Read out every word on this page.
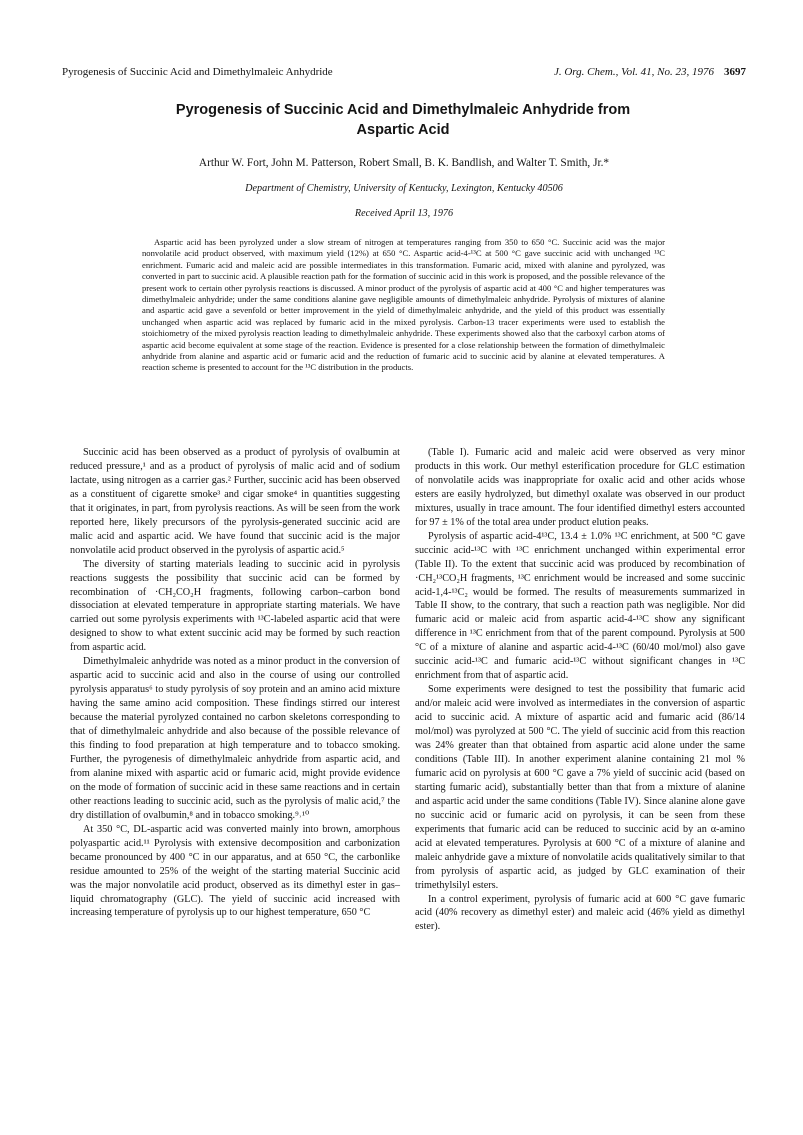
Pyrogenesis of Succinic Acid and Dimethylmaleic Anhydride	J. Org. Chem., Vol. 41, No. 23, 1976 3697
Pyrogenesis of Succinic Acid and Dimethylmaleic Anhydride from
Aspartic Acid
Arthur W. Fort, John M. Patterson, Robert Small, B. K. Bandlish, and Walter T. Smith, Jr.*
Department of Chemistry, University of Kentucky, Lexington, Kentucky 40506
Received April 13, 1976

Aspartic acid has been pyrolyzed under a slow stream of nitrogen at temperatures ranging from 350 to 650 °C. Succinic acid was the major nonvolatile acid product observed, with maximum yield (12%) at 650 °C. Aspartic acid-4-¹³C at 500 °C gave succinic acid with unchanged ¹³C enrichment. Fumaric acid and maleic acid are possible intermediates in this transformation. Fumaric acid, mixed with alanine and pyrolyzed, was converted in part to succinic acid. A plausible reaction path for the formation of succinic acid in this work is proposed, and the possible relevance of the present work to certain other pyrolysis reactions is discussed. A minor product of the pyrolysis of aspartic acid at 400 °C and higher temperatures was dimethylmaleic anhydride; under the same conditions alanine gave negligible amounts of dimethylmaleic anhydride. Pyrolysis of mixtures of alanine and aspartic acid gave a sevenfold or better improvement in the yield of dimethylmaleic anhydride, and the yield of this product was essentially unchanged when aspartic acid was replaced by fumaric acid in the mixed pyrolysis. Carbon-13 tracer experiments were used to establish the stoichiometry of the mixed pyrolysis reaction leading to dimethylmaleic anhydride. These experiments showed also that the carboxyl carbon atoms of aspartic acid become equivalent at some stage of the reaction. Evidence is presented for a close relationship between the formation of dimethylmaleic anhydride from alanine and aspartic acid or fumaric acid and the reduction of fumaric acid to succinic acid by alanine at elevated temperatures. A reaction scheme is presented to account for the ¹³C distribution in the products.

Succinic acid has been observed as a product of pyrolysis of ovalbumin at reduced pressure,¹ and as a product of pyrolysis of malic acid and of sodium lactate, using nitrogen as a carrier gas.² Further, succinic acid has been observed as a constituent of cigarette smoke³ and cigar smoke⁴ in quantities suggesting that it originates, in part, from pyrolysis reactions. As will be seen from the work reported here, likely precursors of the pyrolysis-generated succinic acid are malic acid and aspartic acid. We have found that succinic acid is the major nonvolatile acid product observed in the pyrolysis of aspartic acid.⁵

The diversity of starting materials leading to succinic acid in pyrolysis reactions suggests the possibility that succinic acid can be formed by recombination of ·CH₂CO₂H fragments, following carbon–carbon bond dissociation at elevated temperature in appropriate starting materials. We have carried out some pyrolysis experiments with ¹³C-labeled aspartic acid that were designed to show to what extent succinic acid may be formed by such reaction from aspartic acid.

Dimethylmaleic anhydride was noted as a minor product in the conversion of aspartic acid to succinic acid and also in the course of using our controlled pyrolysis apparatus⁶ to study pyrolysis of soy protein and an amino acid mixture having the same amino acid composition. These findings stirred our interest because the material pyrolyzed contained no carbon skeletons corresponding to that of dimethylmaleic anhydride and also because of the possible relevance of this finding to food preparation at high temperature and to tobacco smoking. Further, the pyrogenesis of dimethylmaleic anhydride from aspartic acid, and from alanine mixed with aspartic acid or fumaric acid, might provide evidence on the mode of formation of succinic acid in these same reactions and in certain other reactions leading to succinic acid, such as the pyrolysis of malic acid,⁷ the dry distillation of ovalbumin,⁸ and in tobacco smoking.⁹˒¹⁰

At 350 °C, DL-aspartic acid was converted mainly into brown, amorphous polyaspartic acid.¹¹ Pyrolysis with extensive decomposition and carbonization became pronounced by 400 °C in our apparatus, and at 650 °C, the carbonlike residue amounted to 25% of the weight of the starting material Succinic acid was the major nonvolatile acid product, observed as its dimethyl ester in gas–liquid chromatography (GLC). The yield of succinic acid increased with increasing temperature of pyrolysis up to our highest temperature, 650 °C

(Table I). Fumaric acid and maleic acid were observed as very minor products in this work. Our methyl esterification procedure for GLC estimation of nonvolatile acids was inappropriate for oxalic acid and other acids whose esters are easily hydrolyzed, but dimethyl oxalate was observed in our product mixtures, usually in trace amount. The four identified dimethyl esters accounted for 97 ± 1% of the total area under product elution peaks.

Pyrolysis of aspartic acid-4¹³C, 13.4 ± 1.0% ¹³C enrichment, at 500 °C gave succinic acid-¹³C with ¹³C enrichment unchanged within experimental error (Table II). To the extent that succinic acid was produced by recombination of ·CH₂¹³CO₂H fragments, ¹³C enrichment would be increased and some succinic acid-1,4-¹³C₂ would be formed. The results of measurements summarized in Table II show, to the contrary, that such a reaction path was negligible. Nor did fumaric acid or maleic acid from aspartic acid-4-¹³C show any significant difference in ¹³C enrichment from that of the parent compound. Pyrolysis at 500 °C of a mixture of alanine and aspartic acid-4-¹³C (60/40 mol/mol) also gave succinic acid-¹³C and fumaric acid-¹³C without significant changes in ¹³C enrichment from that of aspartic acid.

Some experiments were designed to test the possibility that fumaric acid and/or maleic acid were involved as intermediates in the conversion of aspartic acid to succinic acid. A mixture of aspartic acid and fumaric acid (86/14 mol/mol) was pyrolyzed at 500 °C. The yield of succinic acid from this reaction was 24% greater than that obtained from aspartic acid alone under the same conditions (Table III). In another experiment alanine containing 21 mol % fumaric acid on pyrolysis at 600 °C gave a 7% yield of succinic acid (based on starting fumaric acid), substantially better than that from a mixture of alanine and aspartic acid under the same conditions (Table IV). Since alanine alone gave no succinic acid or fumaric acid on pyrolysis, it can be seen from these experiments that fumaric acid can be reduced to succinic acid by an α-amino acid at elevated temperatures. Pyrolysis at 600 °C of a mixture of alanine and maleic anhydride gave a mixture of nonvolatile acids qualitatively similar to that from pyrolysis of aspartic acid, as judged by GLC examination of their trimethylsilyl esters.

In a control experiment, pyrolysis of fumaric acid at 600 °C gave fumaric acid (40% recovery as dimethyl ester) and maleic acid (46% yield as dimethyl ester).
